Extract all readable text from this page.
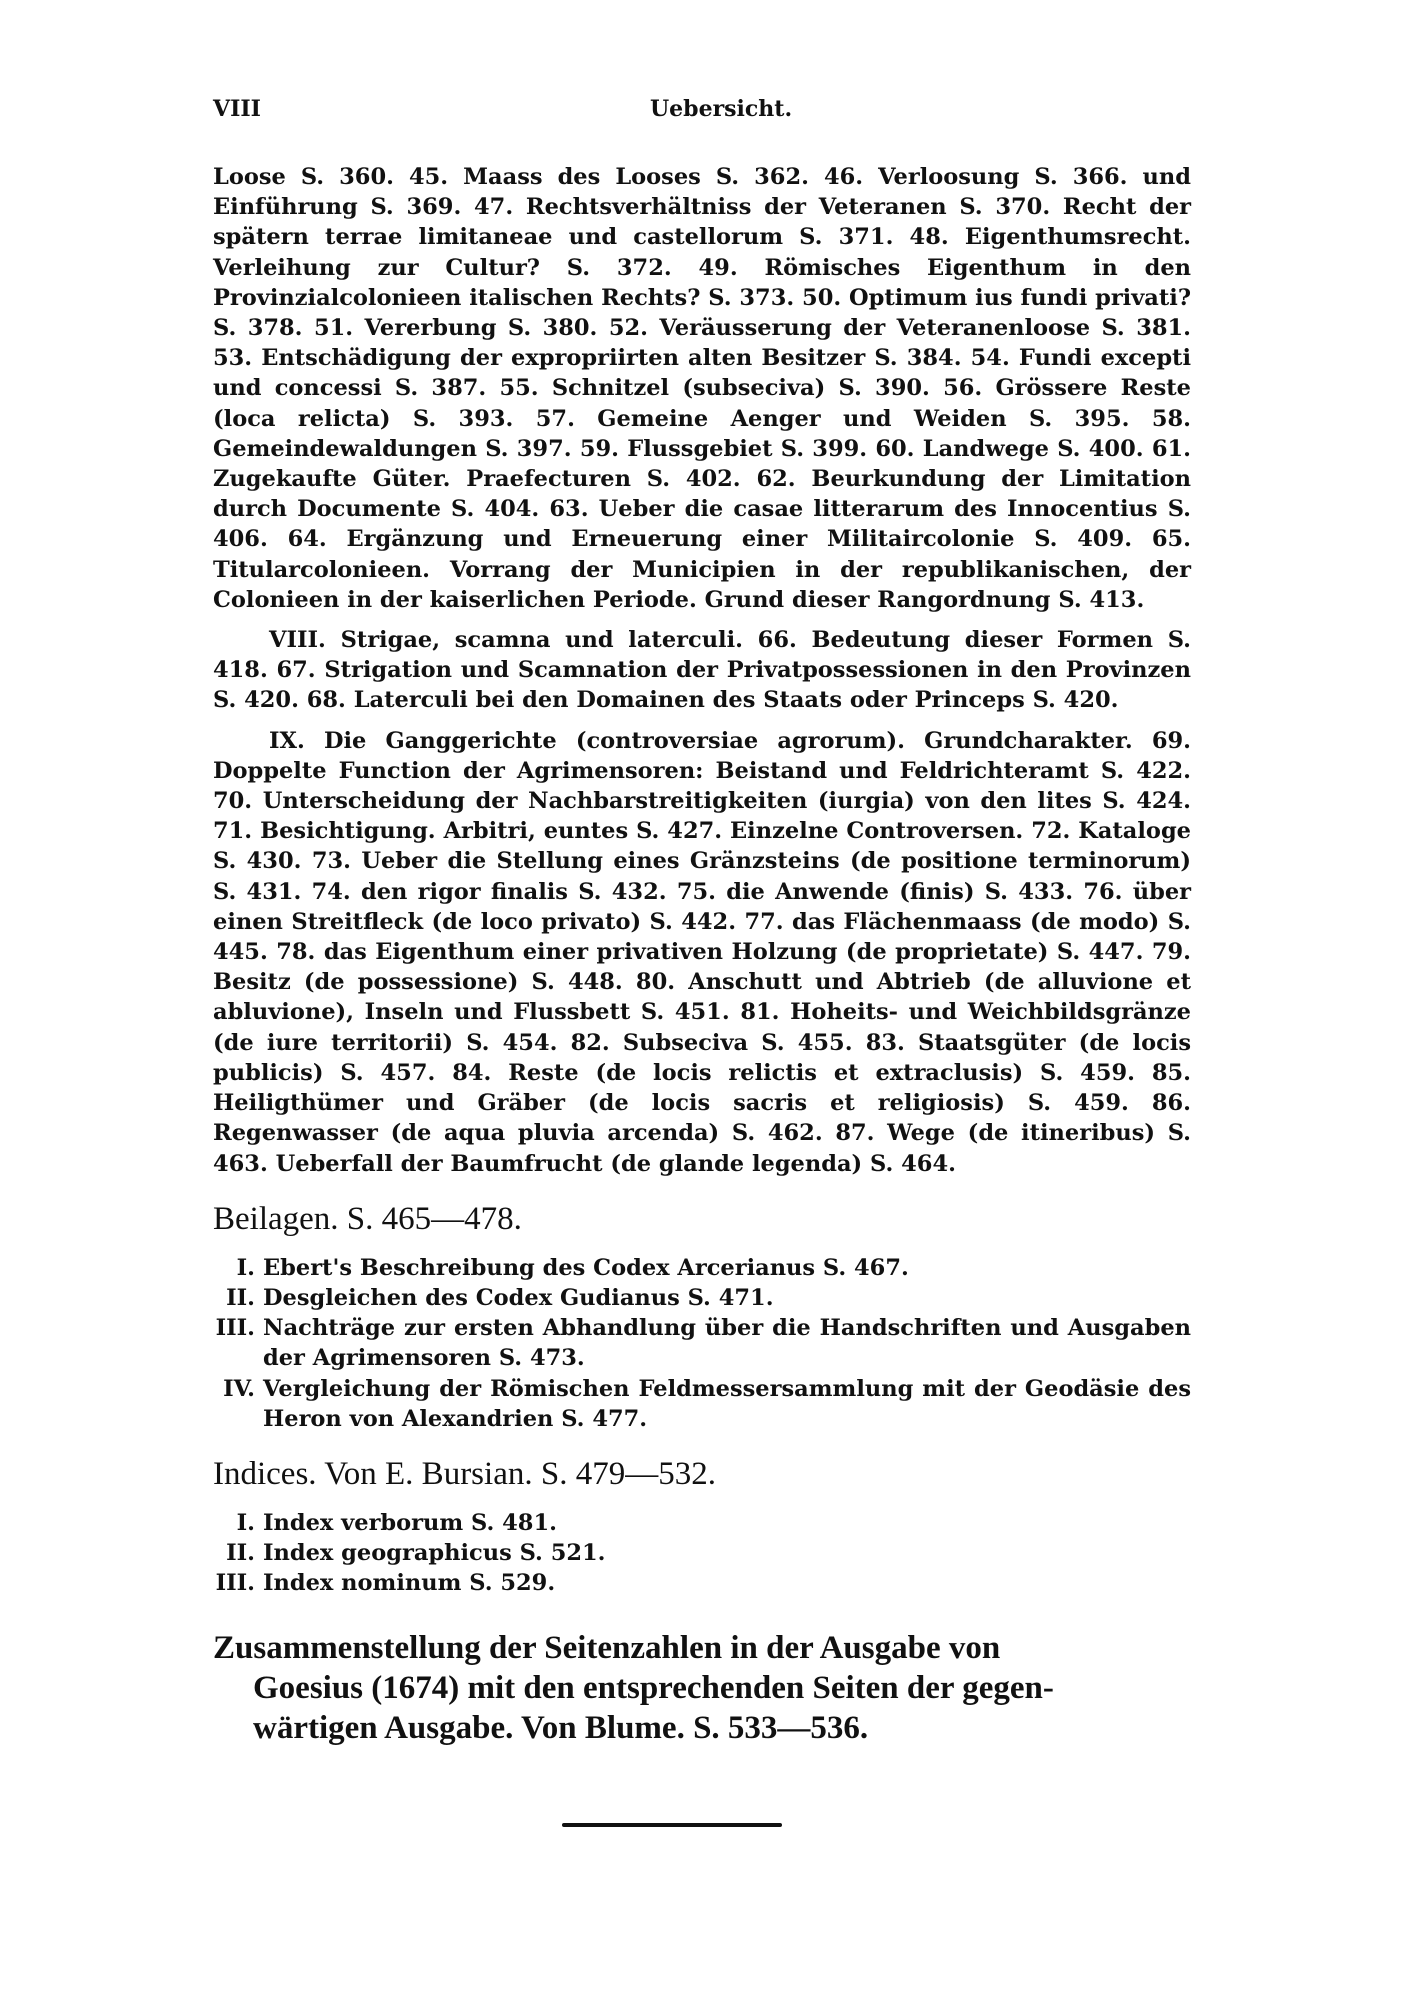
VIII	Uebersicht.

Loose S. 360. 45. Maass des Looses S. 362. 46. Verloosung S. 366. und Einführung S. 369. 47. Rechtsverhältniss der Veteranen S. 370. Recht der spätern terrae limitaneae und castellorum S. 371. 48. Eigenthumsrecht. Verleihung zur Cultur? S. 372. 49. Römisches Eigenthum in den Provinzialcolonieen italischen Rechts? S. 373. 50. Optimum ius fundi privati? S. 378. 51. Vererbung S. 380. 52. Veräusserung der Veteranenloose S. 381. 53. Entschädigung der expropriirten alten Besitzer S. 384. 54. Fundi excepti und concessi S. 387. 55. Schnitzel (subseciva) S. 390. 56. Grössere Reste (loca relicta) S. 393. 57. Gemeine Aenger und Weiden S. 395. 58. Gemeindewaldungen S. 397. 59. Flussgebiet S. 399. 60. Landwege S. 400. 61. Zugekaufte Güter. Praefecturen S. 402. 62. Beurkundung der Limitation durch Documente S. 404. 63. Ueber die casae litterarum des Innocentius S. 406. 64. Ergänzung und Erneuerung einer Militaircolonie S. 409. 65. Titularcolonieen. Vorrang der Municipien in der republikanischen, der Colonieen in der kaiserlichen Periode. Grund dieser Rangordnung S. 413.

VIII. Strigae, scamna und laterculi. 66. Bedeutung dieser Formen S. 418. 67. Strigation und Scamnation der Privatpossessionen in den Provinzen S. 420. 68. Laterculi bei den Domainen des Staats oder Princeps S. 420.

IX. Die Ganggerichte (controversiae agrorum). Grundcharakter. 69. Doppelte Function der Agrimensoren: Beistand und Feldrichteramt S. 422. 70. Unterscheidung der Nachbarstreitigkeiten (iurgia) von den lites S. 424. 71. Besichtigung. Arbitri, euntes S. 427. Einzelne Controversen. 72. Kataloge S. 430. 73. Ueber die Stellung eines Gränzsteins (de positione terminorum) S. 431. 74. den rigor finalis S. 432. 75. die Anwende (finis) S. 433. 76. über einen Streitfleck (de loco privato) S. 442. 77. das Flächenmaass (de modo) S. 445. 78. das Eigenthum einer privativen Holzung (de proprietate) S. 447. 79. Besitz (de possessione) S. 448. 80. Anschutt und Abtrieb (de alluvione et abluvione), Inseln und Flussbett S. 451. 81. Hoheits- und Weichbildsgränze (de iure territorii) S. 454. 82. Subseciva S. 455. 83. Staatsgüter (de locis publicis) S. 457. 84. Reste (de locis relictis et extraclusis) S. 459. 85. Heiligthümer und Gräber (de locis sacris et religiosis) S. 459. 86. Regenwasser (de aqua pluvia arcenda) S. 462. 87. Wege (de itineribus) S. 463. Ueberfall der Baumfrucht (de glande legenda) S. 464.

Beilagen. S. 465—478.
I. Ebert's Beschreibung des Codex Arcerianus S. 467.
II. Desgleichen des Codex Gudianus S. 471.
III. Nachträge zur ersten Abhandlung über die Handschriften und Ausgaben der Agrimensoren S. 473.
IV. Vergleichung der Römischen Feldmessersammlung mit der Geodäsie des Heron von Alexandrien S. 477.
Indices. Von E. Bursian. S. 479—532.
I. Index verborum S. 481.
II. Index geographicus S. 521.
III. Index nominum S. 529.
Zusammenstellung der Seitenzahlen in der Ausgabe von
Goesius (1674) mit den entsprechenden Seiten der gegen-
wärtigen Ausgabe. Von Blume. S. 533—536.
